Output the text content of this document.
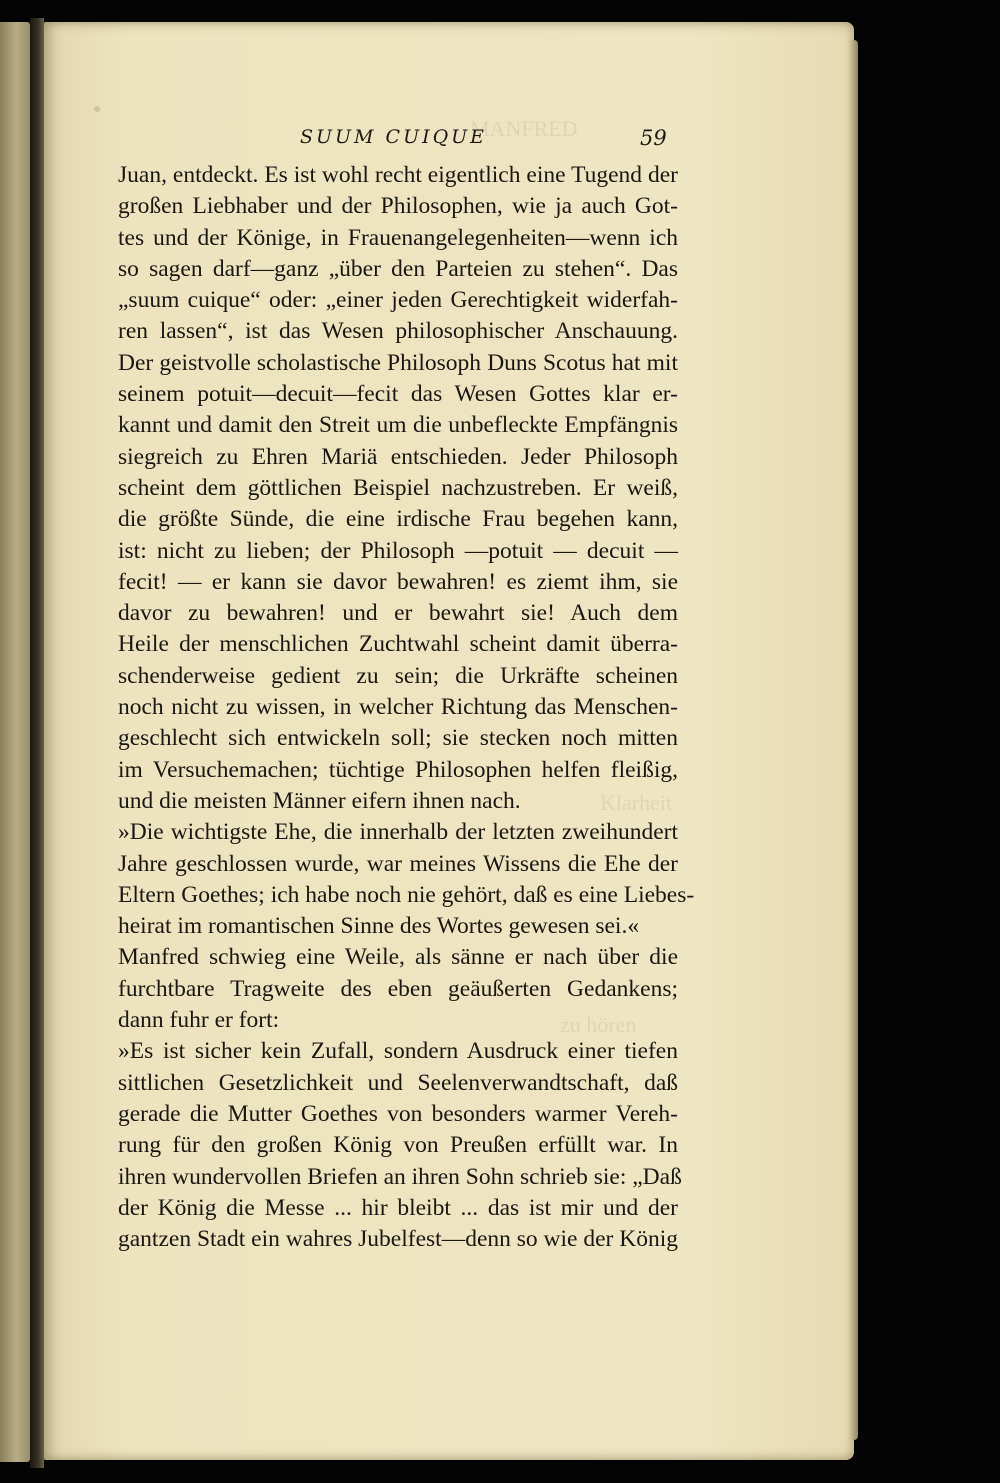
MANFRED
Klarheit
zu hören
SUUM CUIQUE	59
Juan, entdeckt. Es ist wohl recht eigentlich eine Tugend der
großen Liebhaber und der Philosophen, wie ja auch Got-
tes und der Könige, in Frauenangelegenheiten—wenn ich
so sagen darf—ganz „über den Parteien zu stehen“. Das
„suum cuique“ oder: „einer jeden Gerechtigkeit widerfah-
ren lassen“, ist das Wesen philosophischer Anschauung.
Der geistvolle scholastische Philosoph Duns Scotus hat mit
seinem potuit—decuit—fecit das Wesen Gottes klar er-
kannt und damit den Streit um die unbefleckte Empfängnis
siegreich zu Ehren Mariä entschieden. Jeder Philosoph
scheint dem göttlichen Beispiel nachzustreben. Er weiß,
die größte Sünde, die eine irdische Frau begehen kann,
ist: nicht zu lieben; der Philosoph —potuit — decuit —
fecit! — er kann sie davor bewahren! es ziemt ihm, sie
davor zu bewahren! und er bewahrt sie! Auch dem
Heile der menschlichen Zuchtwahl scheint damit überra-
schenderweise gedient zu sein; die Urkräfte scheinen
noch nicht zu wissen, in welcher Richtung das Menschen-
geschlecht sich entwickeln soll; sie stecken noch mitten
im Versuchemachen; tüchtige Philosophen helfen fleißig,
und die meisten Männer eifern ihnen nach.
»Die wichtigste Ehe, die innerhalb der letzten zweihundert
Jahre geschlossen wurde, war meines Wissens die Ehe der
Eltern Goethes; ich habe noch nie gehört, daß es eine Liebes-
heirat im romantischen Sinne des Wortes gewesen sei.«
Manfred schwieg eine Weile, als sänne er nach über die
furchtbare Tragweite des eben geäußerten Gedankens;
dann fuhr er fort:
»Es ist sicher kein Zufall, sondern Ausdruck einer tiefen
sittlichen Gesetzlichkeit und Seelenverwandtschaft, daß
gerade die Mutter Goethes von besonders warmer Vereh-
rung für den großen König von Preußen erfüllt war. In
ihren wundervollen Briefen an ihren Sohn schrieb sie: „Daß
der König die Messe ... hir bleibt ... das ist mir und der
gantzen Stadt ein wahres Jubelfest—denn so wie der König
